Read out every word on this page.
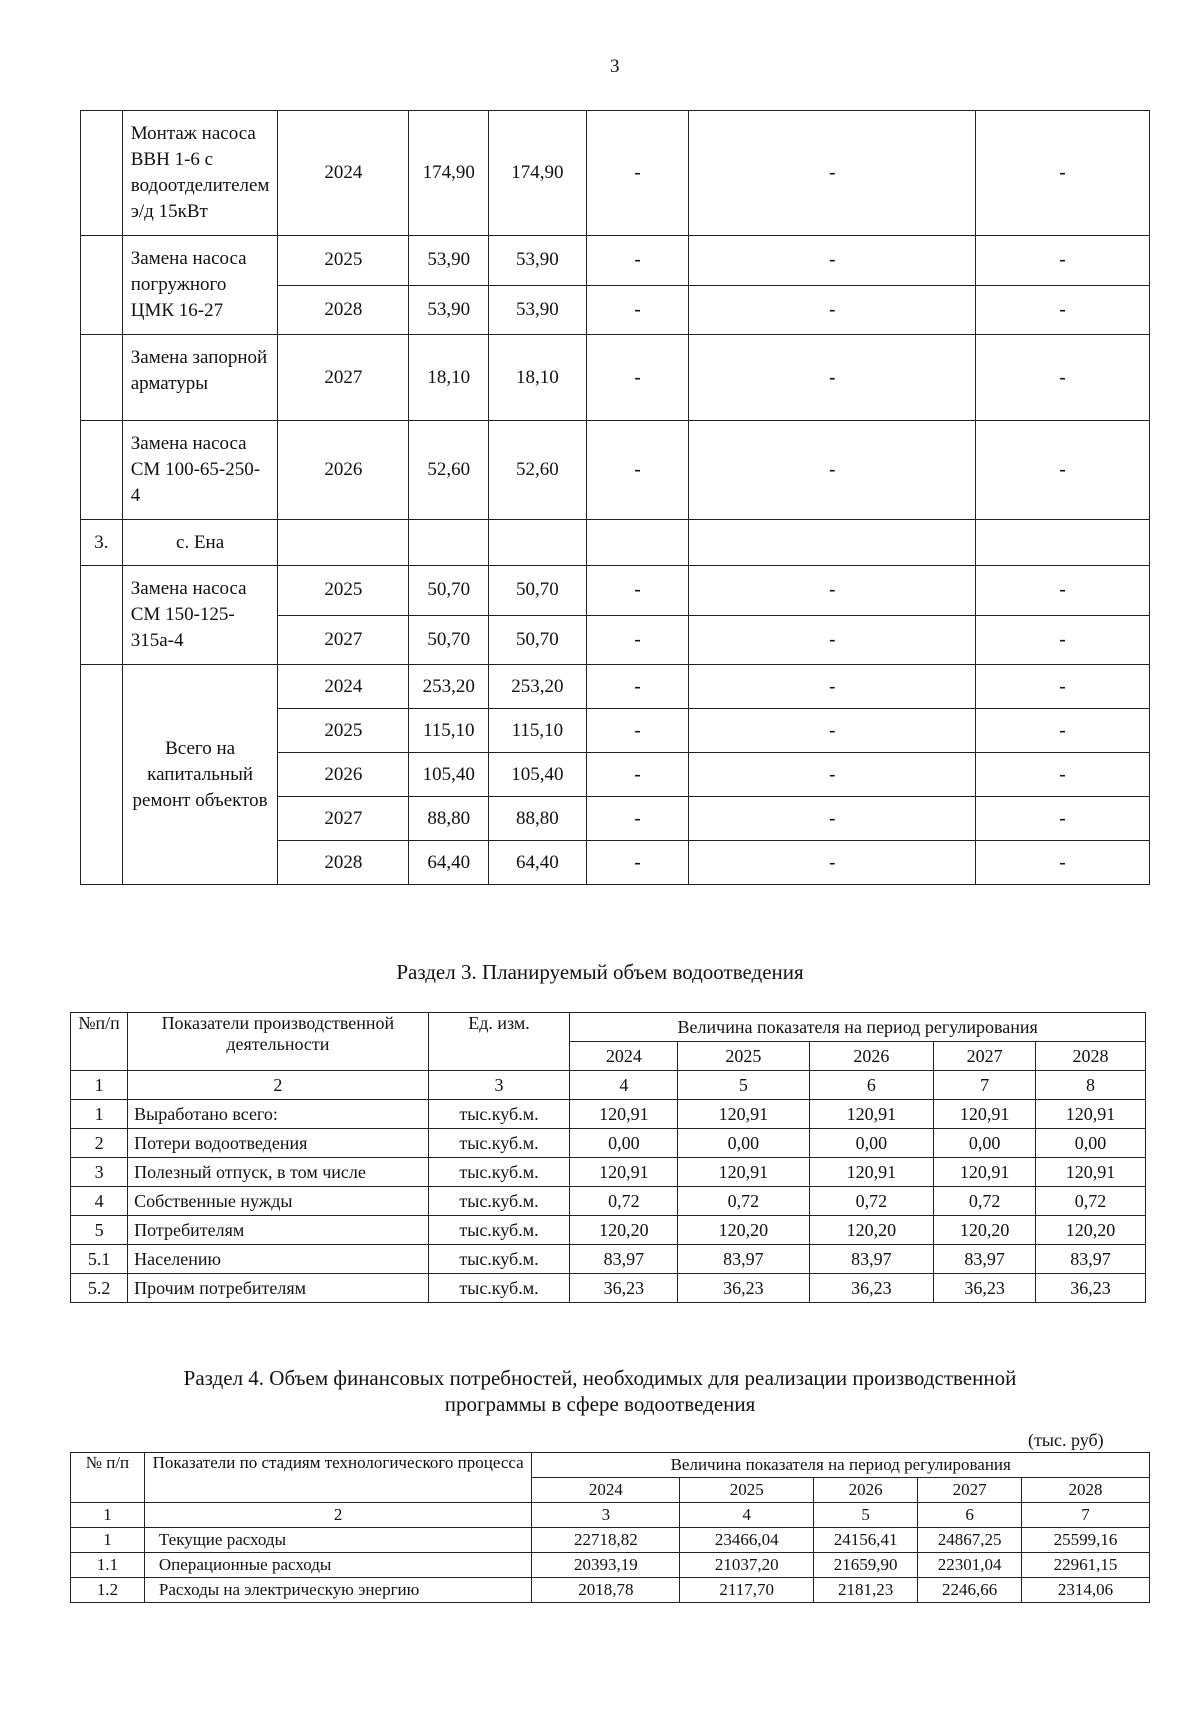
3
	Монтаж насоса ВВН 1-6 с водоотделителем э/д 15кВт	2024	174,90	174,90	-	-	-
	Замена насоса погружного ЦМК 16-27	2025	53,90	53,90	-	-	-
		2028	53,90	53,90	-	-	-
	Замена запорной арматуры	2027	18,10	18,10	-	-	-
	Замена насоса СМ 100-65-250-4	2026	52,60	52,60	-	-	-
3.	с. Ена						
	Замена насоса СМ 150-125-315а-4	2025	50,70	50,70	-	-	-
		2027	50,70	50,70	-	-	-
	Всего на капитальный ремонт объектов	2024	253,20	253,20	-	-	-
		2025	115,10	115,10	-	-	-
		2026	105,40	105,40	-	-	-
		2027	88,80	88,80	-	-	-
		2028	64,40	64,40	-	-	-
Раздел 3. Планируемый объем водоотведения
№п/п	Показатели производственной деятельности	Ед. изм.	Величина показателя на период регулирования				
			2024	2025	2026	2027	2028
1	2	3	4	5	6	7	8
1	Выработано всего:	тыс.куб.м.	120,91	120,91	120,91	120,91	120,91
2	Потери водоотведения	тыс.куб.м.	0,00	0,00	0,00	0,00	0,00
3	Полезный отпуск, в том числе	тыс.куб.м.	120,91	120,91	120,91	120,91	120,91
4	Собственные нужды	тыс.куб.м.	0,72	0,72	0,72	0,72	0,72
5	Потребителям	тыс.куб.м.	120,20	120,20	120,20	120,20	120,20
5.1	Населению	тыс.куб.м.	83,97	83,97	83,97	83,97	83,97
5.2	Прочим потребителям	тыс.куб.м.	36,23	36,23	36,23	36,23	36,23
Раздел 4. Объем финансовых потребностей, необходимых для реализации производственной
программы в сфере водоотведения
(тыс. руб)
№ п/п	Показатели по стадиям технологического процесса	Величина показателя на период регулирования				
		2024	2025	2026	2027	2028
1	2	3	4	5	6	7
1	Текущие расходы	22718,82	23466,04	24156,41	24867,25	25599,16
1.1	Операционные расходы	20393,19	21037,20	21659,90	22301,04	22961,15
1.2	Расходы на электрическую энергию	2018,78	2117,70	2181,23	2246,66	2314,06
